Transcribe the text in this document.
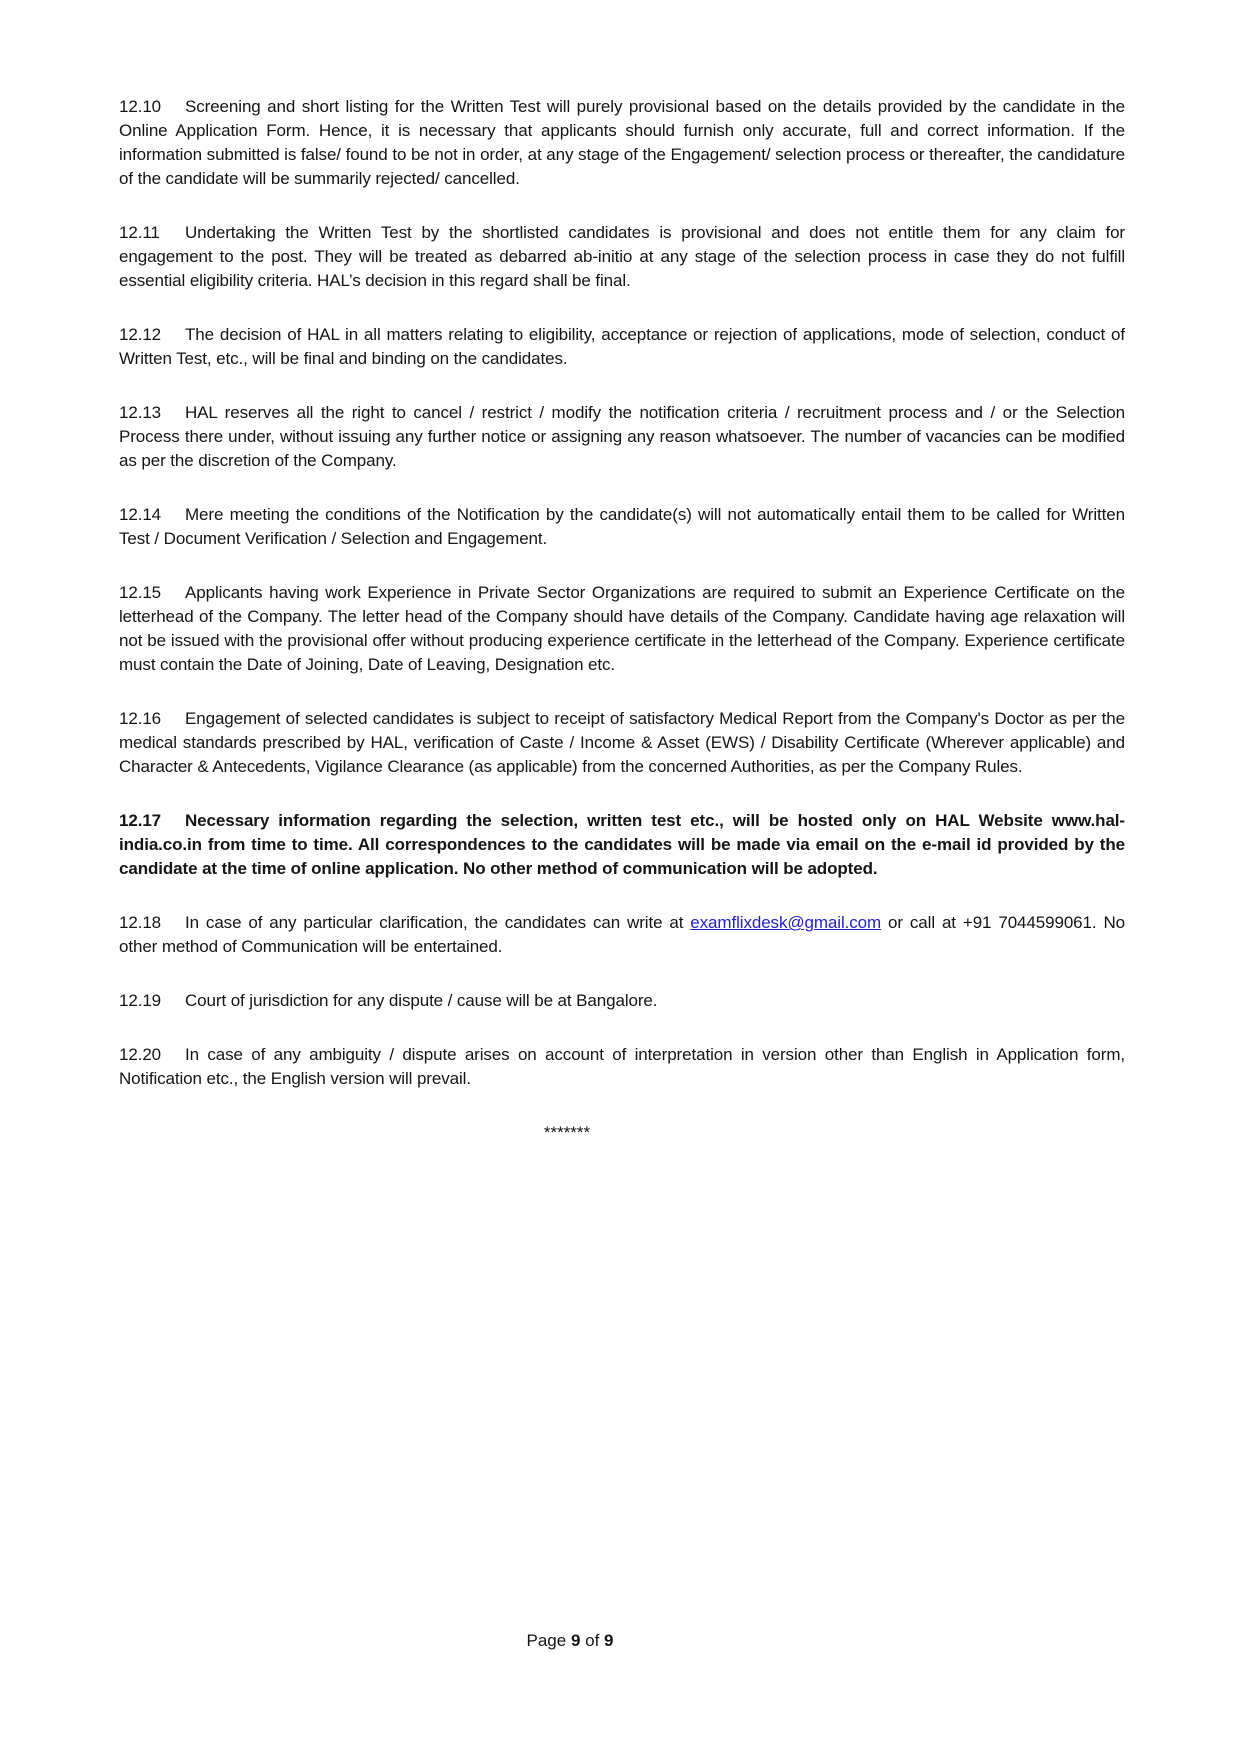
12.10 Screening and short listing for the Written Test will purely provisional based on the details provided by the candidate in the Online Application Form. Hence, it is necessary that applicants should furnish only accurate, full and correct information. If the information submitted is false/ found to be not in order, at any stage of the Engagement/ selection process or thereafter, the candidature of the candidate will be summarily rejected/ cancelled.

12.11 Undertaking the Written Test by the shortlisted candidates is provisional and does not entitle them for any claim for engagement to the post. They will be treated as debarred ab-initio at any stage of the selection process in case they do not fulfill essential eligibility criteria. HAL’s decision in this regard shall be final.

12.12 The decision of HAL in all matters relating to eligibility, acceptance or rejection of applications, mode of selection, conduct of Written Test, etc., will be final and binding on the candidates.

12.13 HAL reserves all the right to cancel / restrict / modify the notification criteria / recruitment process and / or the Selection Process there under, without issuing any further notice or assigning any reason whatsoever. The number of vacancies can be modified as per the discretion of the Company.

12.14 Mere meeting the conditions of the Notification by the candidate(s) will not automatically entail them to be called for Written Test / Document Verification / Selection and Engagement.

12.15 Applicants having work Experience in Private Sector Organizations are required to submit an Experience Certificate on the letterhead of the Company. The letter head of the Company should have details of the Company. Candidate having age relaxation will not be issued with the provisional offer without producing experience certificate in the letterhead of the Company. Experience certificate must contain the Date of Joining, Date of Leaving, Designation etc.

12.16 Engagement of selected candidates is subject to receipt of satisfactory Medical Report from the Company's Doctor as per the medical standards prescribed by HAL, verification of Caste / Income & Asset (EWS) / Disability Certificate (Wherever applicable) and Character & Antecedents, Vigilance Clearance (as applicable) from the concerned Authorities, as per the Company Rules.

12.17 Necessary information regarding the selection, written test etc., will be hosted only on HAL Website www.hal-india.co.in from time to time. All correspondences to the candidates will be made via email on the e-mail id provided by the candidate at the time of online application. No other method of communication will be adopted.

12.18 In case of any particular clarification, the candidates can write at examflixdesk@gmail.com or call at +91 7044599061. No other method of Communication will be entertained.

12.19 Court of jurisdiction for any dispute / cause will be at Bangalore.

12.20 In case of any ambiguity / dispute arises on account of interpretation in version other than English in Application form, Notification etc., the English version will prevail.

*******
Page 9 of 9
